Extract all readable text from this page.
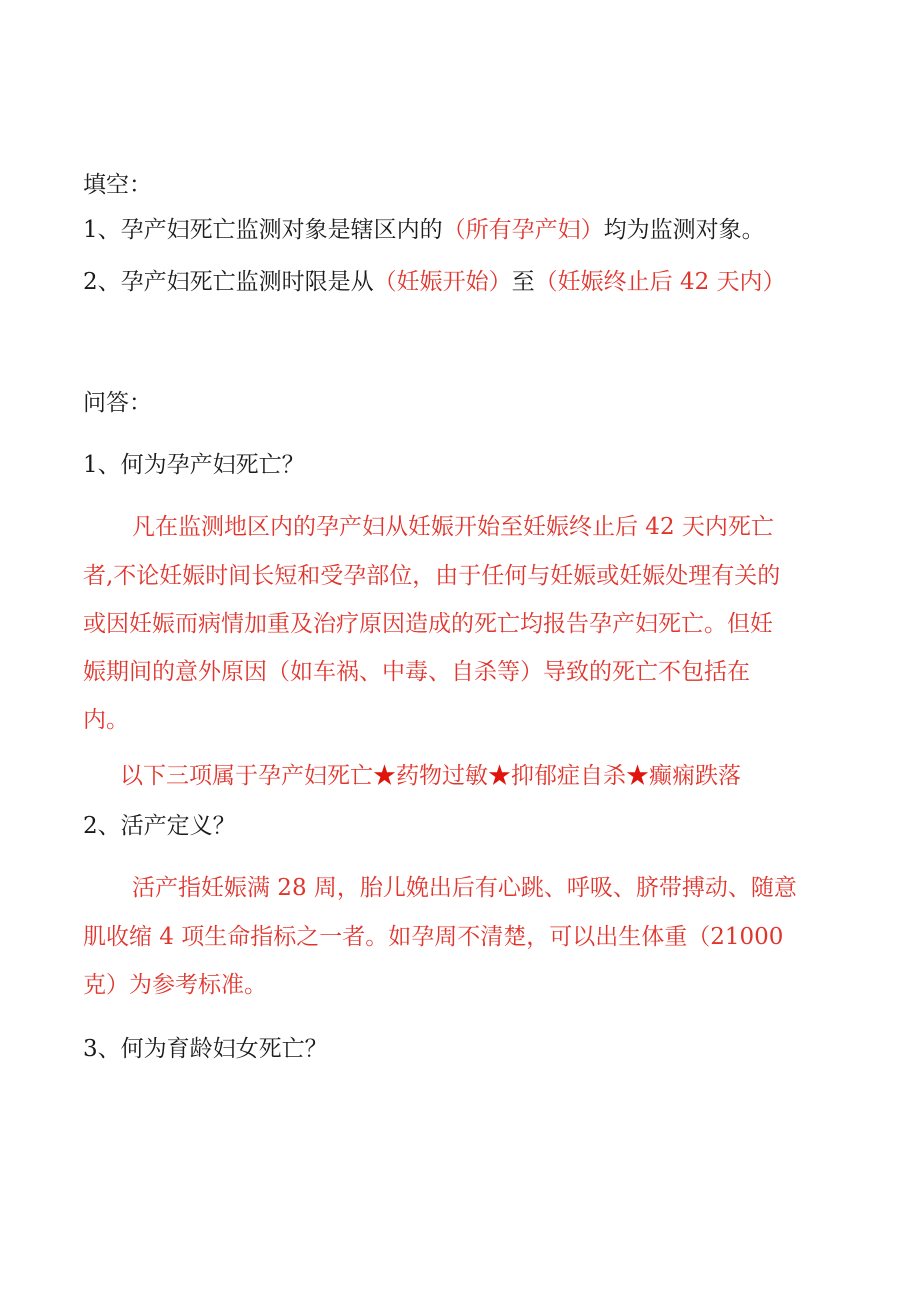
填空：
1、孕产妇死亡监测对象是辖区内的（所有孕产妇）均为监测对象。
2、孕产妇死亡监测时限是从（妊娠开始）至（妊娠终止后 42 天内）
问答：
1、何为孕产妇死亡？
凡在监测地区内的孕产妇从妊娠开始至妊娠终止后 42 天内死亡
者,不论妊娠时间长短和受孕部位，由于任何与妊娠或妊娠处理有关的
或因妊娠而病情加重及治疗原因造成的死亡均报告孕产妇死亡。但妊
娠期间的意外原因（如车祸、中毒、自杀等）导致的死亡不包括在
内。
以下三项属于孕产妇死亡★药物过敏★抑郁症自杀★癫痫跌落
2、活产定义？
活产指妊娠满 28 周，胎儿娩出后有心跳、呼吸、脐带搏动、随意
肌收缩 4 项生命指标之一者。如孕周不清楚，可以出生体重（21000
克）为参考标准。
3、何为育龄妇女死亡？
